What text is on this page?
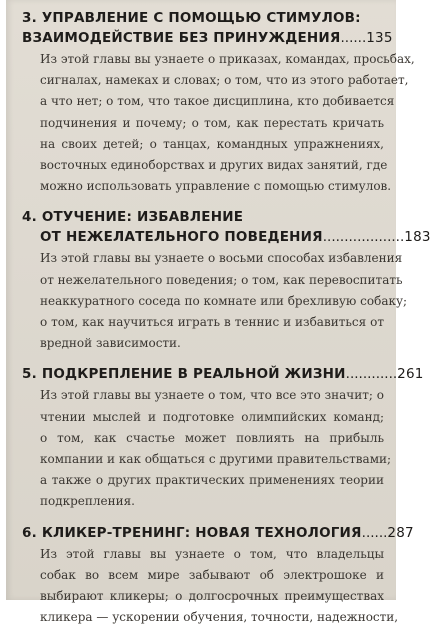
3. УПРАВЛЕНИЕ С ПОМОЩЬЮ СТИМУЛОВ:
ВЗАИМОДЕЙСТВИЕ БЕЗ ПРИНУЖДЕНИЯ......135
Из этой главы вы узнаете о приказах, командах, просьбах,
сигналах, намеках и словах; о том, что из этого работает,
а что нет; о том, что такое дисциплина, кто добивается
подчинения и почему; о том, как перестать кричать
на своих детей; о танцах, командных упражнениях,
восточных единоборствах и других видах занятий, где
можно использовать управление с помощью стимулов.
4. ОТУЧЕНИЕ: ИЗБАВЛЕНИЕ
ОТ НЕЖЕЛАТЕЛЬНОГО ПОВЕДЕНИЯ...................183
Из этой главы вы узнаете о восьми способах избавления
от нежелательного поведения; о том, как перевоспитать
неаккуратного соседа по комнате или брехливую собаку;
о том, как научиться играть в теннис и избавиться от
вредной зависимости.
5. ПОДКРЕПЛЕНИЕ В РЕАЛЬНОЙ ЖИЗНИ............261
Из этой главы вы узнаете о том, что все это значит; о
чтении мыслей и подготовке олимпийских команд;
о том, как счастье может повлиять на прибыль
компании и как общаться с другими правительствами;
а также о других практических применениях теории
подкрепления.
6. КЛИКЕР-ТРЕНИНГ: НОВАЯ ТЕХНОЛОГИЯ......287
Из этой главы вы узнаете о том, что владельцы
собак во всем мире забывают об электрошоке и
выбирают кликеры; о долгосрочных преимуществах
кликера — ускорении обучения, точности, надежности,
